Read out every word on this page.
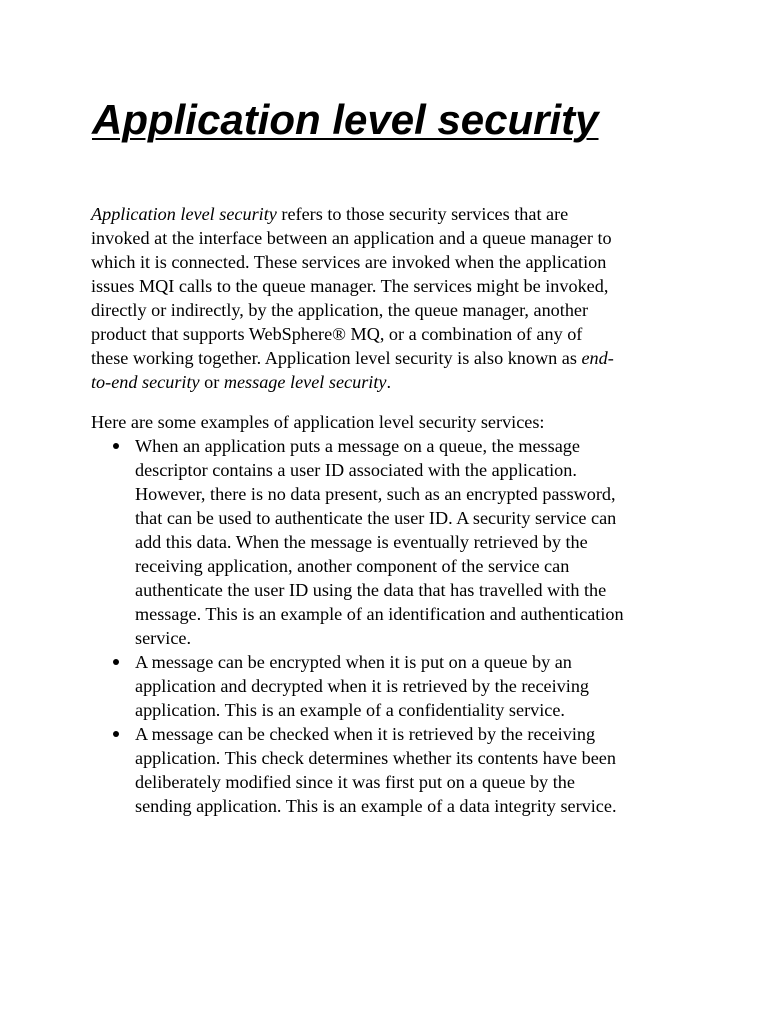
Application level security

Application level security refers to those security services that are
invoked at the interface between an application and a queue manager to
which it is connected. These services are invoked when the application
issues MQI calls to the queue manager. The services might be invoked,
directly or indirectly, by the application, the queue manager, another
product that supports WebSphere® MQ, or a combination of any of
these working together. Application level security is also known as end-
to-end security or message level security.

Here are some examples of application level security services:

When an application puts a message on a queue, the message
descriptor contains a user ID associated with the application.
However, there is no data present, such as an encrypted password,
that can be used to authenticate the user ID. A security service can
add this data. When the message is eventually retrieved by the
receiving application, another component of the service can
authenticate the user ID using the data that has travelled with the
message. This is an example of an identification and authentication
service.
A message can be encrypted when it is put on a queue by an
application and decrypted when it is retrieved by the receiving
application. This is an example of a confidentiality service.
A message can be checked when it is retrieved by the receiving
application. This check determines whether its contents have been
deliberately modified since it was first put on a queue by the
sending application. This is an example of a data integrity service.
